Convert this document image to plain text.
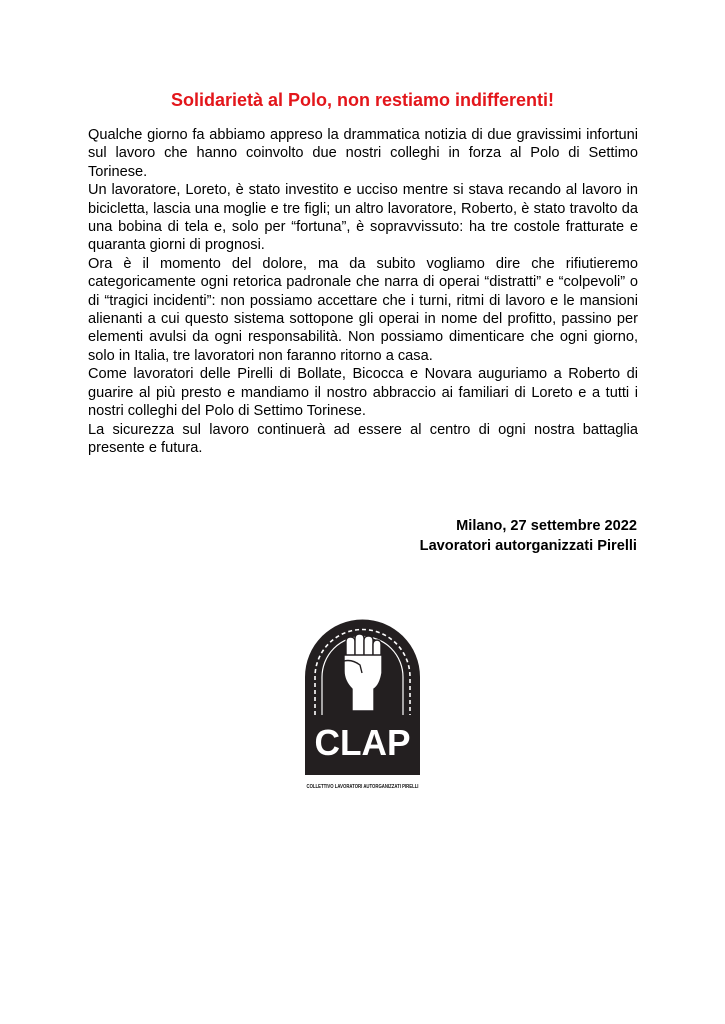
Solidarietà al Polo, non restiamo indifferenti!

Qualche giorno fa abbiamo appreso la drammatica notizia di due gravissimi infortuni sul lavoro che hanno coinvolto due nostri colleghi in forza al Polo di Settimo Torinese.

Un lavoratore, Loreto, è stato investito e ucciso mentre si stava recando al lavoro in bicicletta, lascia una moglie e tre figli; un altro lavoratore, Roberto, è stato travolto da una bobina di tela e, solo per “fortuna”, è sopravvissuto: ha tre costole fratturate e quaranta giorni di prognosi.

Ora è il momento del dolore, ma da subito vogliamo dire che rifiutieremo categoricamente ogni retorica padronale che narra di operai “distratti” e “colpevoli” o di “tragici incidenti”: non possiamo accettare che i turni, ritmi di lavoro e le mansioni alienanti a cui questo sistema sottopone gli operai in nome del profitto, passino per elementi avulsi da ogni responsabilità. Non possiamo dimenticare che ogni giorno, solo in Italia, tre lavoratori non faranno ritorno a casa.

Come lavoratori delle Pirelli di Bollate, Bicocca e Novara auguriamo a Roberto di guarire al più presto e mandiamo il nostro abbraccio ai familiari di Loreto e a tutti i nostri colleghi del Polo di Settimo Torinese.

La sicurezza sul lavoro continuerà ad essere al centro di ogni nostra battaglia presente e futura.

Milano, 27 settembre 2022
Lavoratori autorganizzati Pirelli
CLAP
COLLETTIVO LAVORATORI AUTORGANIZZATI PIRELLI
